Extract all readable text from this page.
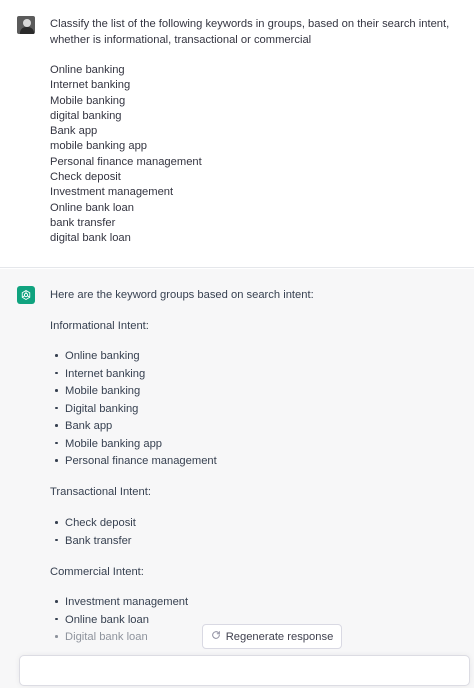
Classify the list of the following keywords in groups, based on their search intent, whether is informational, transactional or commercial
Online banking
Internet banking
Mobile banking
digital banking
Bank app
mobile banking app
Personal finance management
Check deposit
Investment management
Online bank loan
bank transfer
digital bank loan
Here are the keyword groups based on search intent:
Informational Intent:
Online banking
Internet banking
Mobile banking
Digital banking
Bank app
Mobile banking app
Personal finance management
Transactional Intent:
Check deposit
Bank transfer
Commercial Intent:
Investment management
Online bank loan
Digital bank loan	Regenerate response
